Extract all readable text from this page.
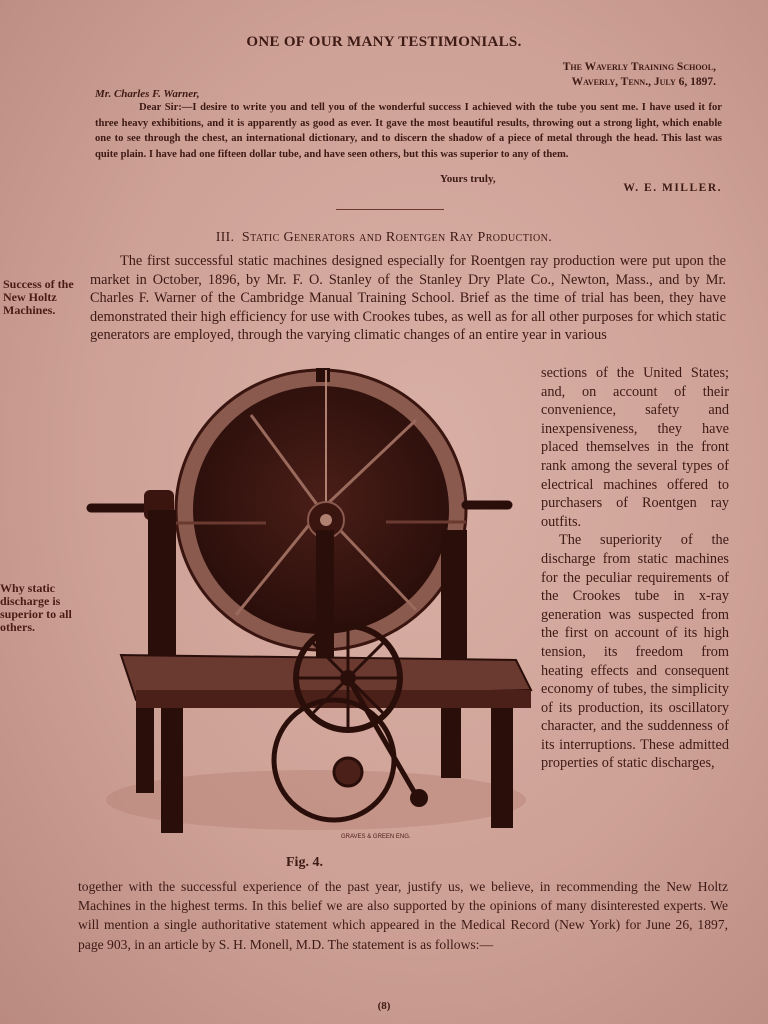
ONE OF OUR MANY TESTIMONIALS.
The Waverly Training School,
Waverly, Tenn., July 6, 1897.
Mr. Charles F. Warner,
Dear Sir:—I desire to write you and tell you of the wonderful success I achieved with the tube you sent me. I have used it for three heavy exhibitions, and it is apparently as good as ever. It gave the most beautiful results, throwing out a strong light, which enable one to see through the chest, an international dictionary, and to discern the shadow of a piece of metal through the head. This last was quite plain. I have had one fifteen dollar tube, and have seen others, but this was superior to any of them.
Yours truly,
W. E. MILLER.
III. Static Generators and Roentgen Ray Production.
Success of the New Holtz Machines.
Why static discharge is superior to all others.
The first successful static machines designed especially for Roentgen ray production were put upon the market in October, 1896, by Mr. F. O. Stanley of the Stanley Dry Plate Co., Newton, Mass., and by Mr. Charles F. Warner of the Cambridge Manual Training School. Brief as the time of trial has been, they have demonstrated their high efficiency for use with Crookes tubes, as well as for all other purposes for which static generators are employed, through the varying climatic changes of an entire year in various
GRAVES & GREEN ENG.
sections of the United States; and, on account of their convenience, safety and inexpensiveness, they have placed themselves in the front rank among the several types of electrical machines offered to purchasers of Roentgen ray outfits.
The superiority of the discharge from static machines for the peculiar requirements of the Crookes tube in x-ray generation was suspected from the first on account of its high tension, its freedom from heating effects and consequent economy of tubes, the simplicity of its production, its oscillatory character, and the suddenness of its interruptions. These admitted properties of static discharges,
Fig. 4.
together with the successful experience of the past year, justify us, we believe, in recommending the New Holtz Machines in the highest terms. In this belief we are also supported by the opinions of many disinterested experts. We will mention a single authoritative statement which appeared in the Medical Record (New York) for June 26, 1897, page 903, in an article by S. H. Monell, M.D. The statement is as follows:—
(8)
